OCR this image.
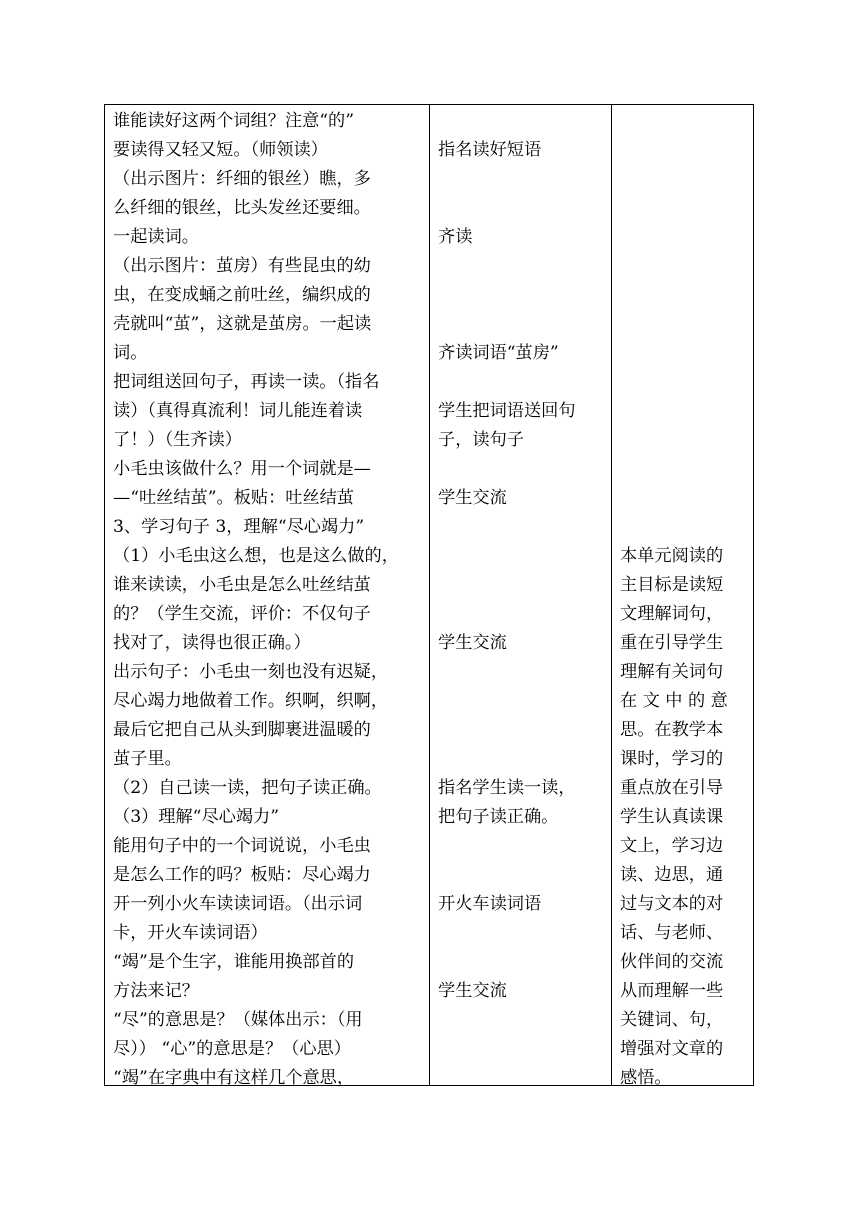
谁能读好这两个词组？注意“的”
要读得又轻又短。（师领读）
（出示图片：纤细的银丝）瞧，多
么纤细的银丝，比头发丝还要细。
一起读词。
（出示图片：茧房）有些昆虫的幼
虫，在变成蛹之前吐丝，编织成的
壳就叫“茧”，这就是茧房。一起读
词。
把词组送回句子，再读一读。（指名
读）（真得真流利！词儿能连着读
了！）（生齐读）
小毛虫该做什么？用一个词就是—
—“吐丝结茧”。板贴：吐丝结茧
3、学习句子 3，理解“尽心竭力”
（1）小毛虫这么想，也是这么做的，
谁来读读，小毛虫是怎么吐丝结茧
的？（学生交流，评价：不仅句子
找对了，读得也很正确。）
出示句子：小毛虫一刻也没有迟疑，
尽心竭力地做着工作。织啊，织啊，
最后它把自己从头到脚裹进温暖的
茧子里。
（2）自己读一读，把句子读正确。
（3）理解“尽心竭力”
能用句子中的一个词说说，小毛虫
是怎么工作的吗？板贴：尽心竭力
开一列小火车读读词语。（出示词
卡，开火车读词语）
“竭”是个生字，谁能用换部首的
方法来记？
“尽”的意思是？（媒体出示：（用
尽）） “心”的意思是？（心思）
“竭”在字典中有这样几个意思，
指名读好短语
齐读
齐读词语“茧房”
学生把词语送回句
子，读句子
学生交流
学生交流
指名学生读一读，
把句子读正确。
开火车读词语
学生交流
本单元阅读的
主目标是读短
文理解词句，
重在引导学生
理解有关词句
在 文 中 的 意
思。在教学本
课时，学习的
重点放在引导
学生认真读课
文上，学习边
读、边思，通
过与文本的对
话、与老师、
伙伴间的交流
从而理解一些
关键词、句，
增强对文章的
感悟。
